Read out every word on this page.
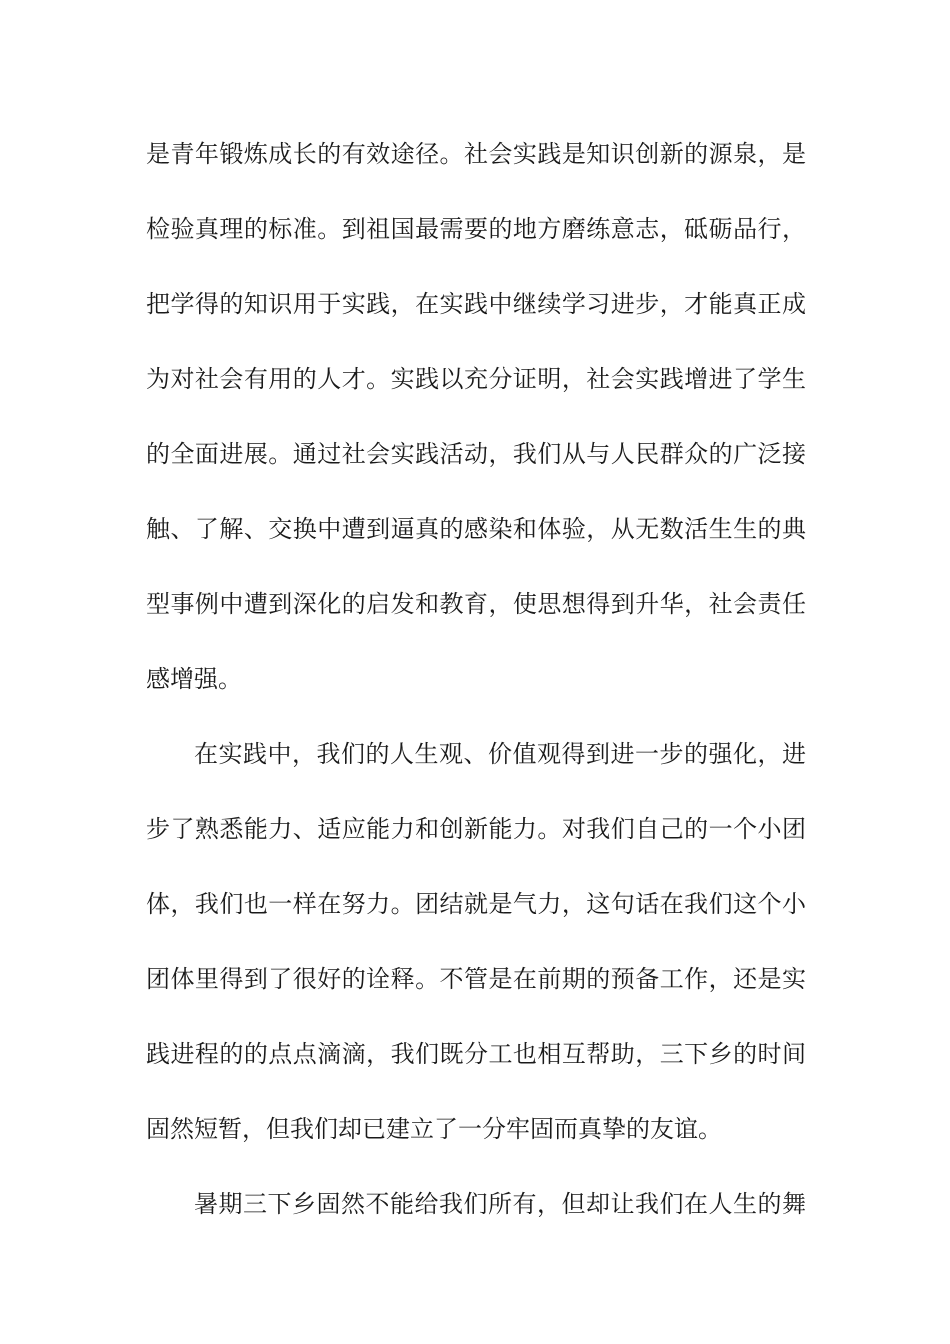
是青年锻炼成长的有效途径。社会实践是知识创新的源泉，是
检验真理的标准。到祖国最需要的地方磨练意志，砥砺品行，
把学得的知识用于实践，在实践中继续学习进步，才能真正成
为对社会有用的人才。实践以充分证明，社会实践增进了学生
的全面进展。通过社会实践活动，我们从与人民群众的广泛接
触、了解、交换中遭到逼真的感染和体验，从无数活生生的典
型事例中遭到深化的启发和教育，使思想得到升华，社会责任
感增强。
在实践中，我们的人生观、价值观得到进一步的强化，进
步了熟悉能力、适应能力和创新能力。对我们自己的一个小团
体，我们也一样在努力。团结就是气力，这句话在我们这个小
团体里得到了很好的诠释。不管是在前期的预备工作，还是实
践进程的的点点滴滴，我们既分工也相互帮助，三下乡的时间
固然短暂，但我们却已建立了一分牢固而真挚的友谊。
暑期三下乡固然不能给我们所有，但却让我们在人生的舞
